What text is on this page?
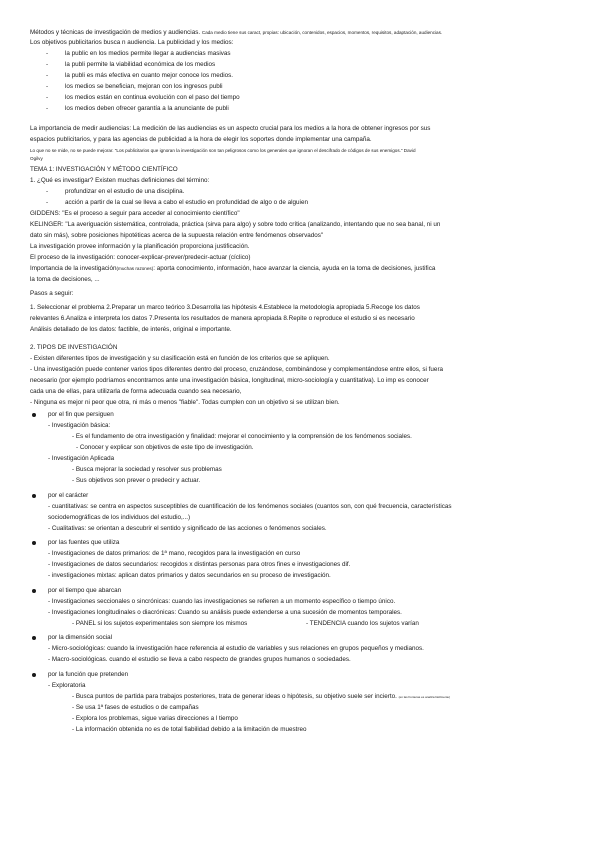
Métodos y técnicas de investigación de medios y audiencias. Cada medio tiene sus caract, propias: ubicación, contenidos, espacios, momentos, requisitos, adaptación, audiencias.
Los objetivos publicitarios busca n audiencia. La publicidad y los medios:
-	la public en los medios permite llegar a audiencias masivas
-	la publi permite la viabilidad económica de los medios
-	la publi es más efectiva en cuanto mejor conoce los medios.
-	los medios se benefician, mejoran con los ingresos publi
-	los medios están en continua evolución con el paso del tiempo
-	los medios deben ofrecer garantía a la anunciante de publi
La importancia de medir audiencias: La medición de las audiencias es un aspecto crucial para los medios a la hora de obtener ingresos por sus
espacios publicitarios, y para las agencias de publicidad a la hora de elegir los soportes donde implementar una campaña.
Lo que no se mide, no se puede mejorar. "Los publicitarios que ignoran la investigación son tan peligrosos como los generales que ignoran el descifrado de códigos de sus enemigos." David
Ogilvy
TEMA 1: INVESTIGACIÓN Y MÉTODO CIENTÍFICO
1. ¿Qué es investigar? Existen muchas definiciones del término:
-	profundizar en el estudio de una disciplina.
-	acción a partir de la cual se lleva a cabo el estudio en profundidad de algo o de alguien
GIDDENS: "Es el proceso a seguir para acceder al conocimiento científico"
KELINGER: "La averiguación sistemática, controlada, práctica (sirva para algo) y sobre todo crítica (analizando, intentando que no sea banal, ni un
dato sin más), sobre posiciones hipotéticas acerca de la supuesta relación entre fenómenos observados"
La investigación provee información y la planificación proporciona justificación.
El proceso de la investigación: conocer-explicar-prever/predecir-actuar (cíclico)
Importancia de la investigación(muchas razones): aporta conocimiento, información, hace avanzar la ciencia, ayuda en la toma de decisiones, justifica
la toma de decisiones, ...
Pasos a seguir:
1. Seleccionar el problema 2.Preparar un marco teórico 3.Desarrolla las hipótesis 4.Establece la metodología apropiada 5.Recoge los datos
relevantes 6.Analiza e interpreta los datos 7.Presenta los resultados de manera apropiada 8.Repite o reproduce el estudio si es necesario
Análisis detallado de los datos: factible, de interés, original e importante.
2. TIPOS DE INVESTIGACIÓN
- Existen diferentes tipos de investigación y su clasificación está en función de los criterios que se apliquen.
- Una investigación puede contener varios tipos diferentes dentro del proceso, cruzándose, combinándose y complementándose entre ellos, si fuera
necesario (por ejemplo podríamos encontrarnos ante una investigación básica, longitudinal, micro-sociología y cuantitativa). Lo imp es conocer
cada una de ellas, para utilizarla de forma adecuada cuando sea necesario,
- Ninguna es mejor ni peor que otra, ni más o menos "fiable". Todas cumplen con un objetivo si se utilizan bien.
por el fin que persiguen
- Investigación básica:
- Es el fundamento de otra investigación y finalidad: mejorar el conocimiento y la comprensión de los fenómenos sociales.
- Conocer y explicar son objetivos de este tipo de investigación.
- Investigación Aplicada
- Busca mejorar la sociedad y resolver sus problemas
- Sus objetivos son prever o predecir y actuar.
por el carácter
- cuantitativas: se centra en aspectos susceptibles de cuantificación de los fenómenos sociales (cuantos son, con qué frecuencia, características
sociodemográficas de los individuos del estudio,...)
- Cualitativas: se orientan a descubrir el sentido y significado de las acciones o fenómenos sociales.
por las fuentes que utiliza
- Investigaciones de datos primarios: de 1ª mano, recogidos para la investigación en curso
- Investigaciones de datos secundarios: recogidos x distintas personas para otros fines e investigaciones dif.
- investigaciones mixtas: aplican datos primarios y datos secundarios en su proceso de investigación.
por el tiempo que abarcan
- Investigaciones seccionales o sincrónicas: cuando las investigaciones se refieren a un momento específico o tiempo único.
- Investigaciones longitudinales o diacrónicas: Cuando su análisis puede extenderse a una sucesión de momentos temporales.
- PANEL si los sujetos experimentales son siempre los mismos	- TENDENCIA cuando los sujetos varían
por la dimensión social
- Micro-sociológicas: cuando la investigación hace referencia al estudio de variables y sus relaciones en grupos pequeños y medianos.
- Macro-sociológicas. cuando el estudio se lleva a cabo respecto de grandes grupos humanos o sociedades.
por la función que pretenden
- Exploratoria
- Busca puntos de partida para trabajos posteriores, trata de generar ideas o hipótesis, su objetivo suele ser incierto. (en las fronteras es analiza fácilmente)
- Se usa 1ª fases de estudios o de campañas
- Explora los problemas, sigue varias direcciones a l tiempo
- La información obtenida no es de total fiabilidad debido a la limitación de muestreo
